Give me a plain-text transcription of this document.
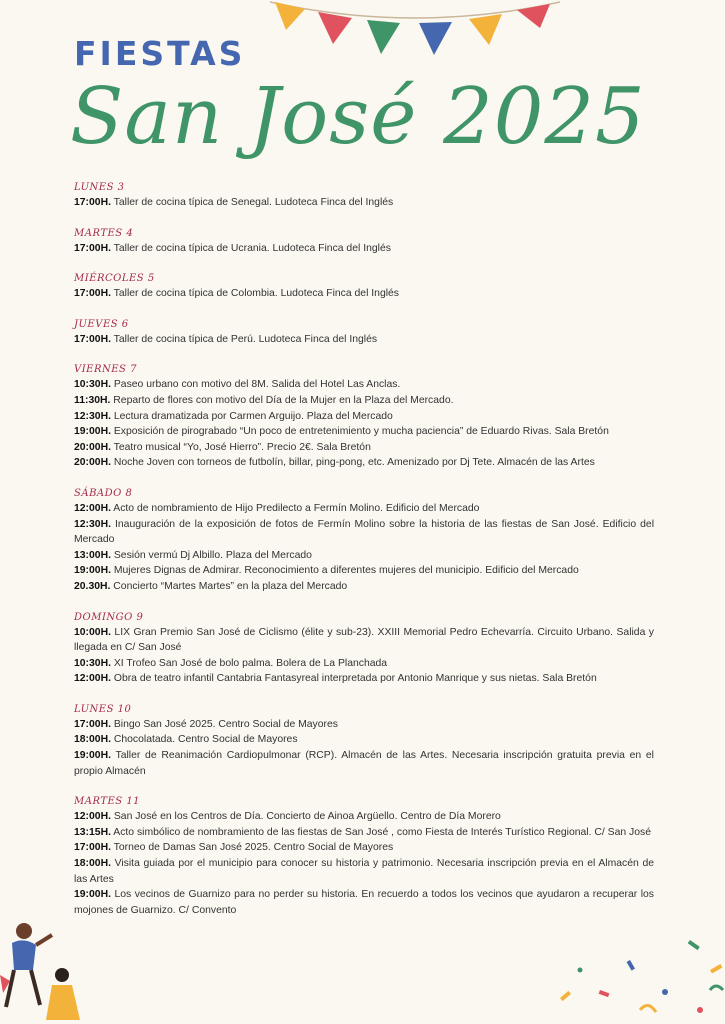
FIESTAS
San José 2025
LUNES 3
17:00H. Taller de cocina típica de Senegal. Ludoteca Finca del Inglés
MARTES 4
17:00H. Taller de cocina típica de Ucrania. Ludoteca Finca del Inglés
MIÉRCOLES 5
17:00H. Taller de cocina típica de Colombia. Ludoteca Finca del Inglés
JUEVES 6
17:00H. Taller de cocina típica de Perú. Ludoteca Finca del Inglés
VIERNES 7
10:30H. Paseo urbano con motivo del 8M. Salida del Hotel Las Anclas.
11:30H. Reparto de flores con motivo del Día de la Mujer en la Plaza del Mercado.
12:30H. Lectura dramatizada por Carmen Arguijo. Plaza del Mercado
19:00H. Exposición de pirograbado “Un poco de entretenimiento y mucha paciencia” de Eduardo Rivas. Sala Bretón
20:00H. Teatro musical “Yo, José Hierro”. Precio 2€. Sala Bretón
20:00H. Noche Joven con torneos de futbolín, billar, ping-pong, etc. Amenizado por Dj Tete. Almacén de las Artes
SÁBADO 8
12:00H. Acto de nombramiento de Hijo Predilecto a Fermín Molino. Edificio del Mercado
12:30H. Inauguración de la exposición de fotos de Fermín Molino sobre la historia de las fiestas de San José. Edificio del Mercado
13:00H. Sesión vermú Dj Albillo. Plaza del Mercado
19:00H. Mujeres Dignas de Admirar. Reconocimiento a diferentes mujeres del municipio. Edificio del Mercado
20.30H. Concierto “Martes Martes” en la plaza del Mercado
DOMINGO 9
10:00H. LIX Gran Premio San José de Ciclismo (élite y sub-23). XXIII Memorial Pedro Echevarría. Circuito Urbano. Salida y llegada en C/ San José
10:30H. XI Trofeo San José de bolo palma. Bolera de La Planchada
12:00H. Obra de teatro infantil Cantabria Fantasyreal interpretada por Antonio Manrique y sus nietas. Sala Bretón
LUNES 10
17:00H. Bingo San José 2025. Centro Social de Mayores
18:00H. Chocolatada. Centro Social de Mayores
19:00H. Taller de Reanimación Cardiopulmonar (RCP). Almacén de las Artes. Necesaria inscripción gratuita previa en el propio Almacén
MARTES 11
12:00H. San José en los Centros de Día. Concierto de Ainoa Argüello. Centro de Día Morero
13:15H. Acto simbólico de nombramiento de las fiestas de San José , como Fiesta de Interés Turístico Regional. C/ San José
17:00H. Torneo de Damas San José 2025. Centro Social de Mayores
18:00H. Visita guiada por el municipio para conocer su historia y patrimonio. Necesaria inscripción previa en el Almacén de las Artes
19:00H. Los vecinos de Guarnizo para no perder su historia. En recuerdo a todos los vecinos que ayudaron a recuperar los mojones de Guarnizo. C/ Convento
